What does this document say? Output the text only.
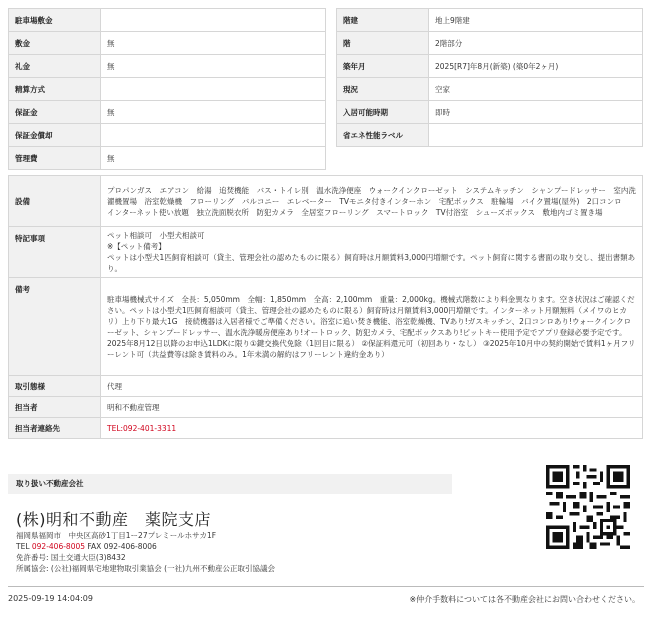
駐車場敷金	
敷金	無
礼金	無
精算方式	
保証金	無
保証金償却	
管理費	無
階建	地上9階建
階	2階部分
築年月	2025[R7]年8月(新築) (築0年2ヶ月)
現況	空家
入居可能時期	即時
省エネ性能ラベル	
設備	プロパンガス　エアコン　給湯　追焚機能　バス・トイレ別　温水洗浄便座　ウォークインクローゼット　システムキッチン　シャンプードレッサー　室内洗濯機置場　浴室乾燥機　フローリング　バルコニー　エレベーター　TVモニタ付きインターホン　宅配ボックス　駐輪場　バイク置場(屋外)　2口コンロ　インターネット使い放題　独立洗面脱衣所　防犯カメラ　全居室フローリング　スマートロック　TV付浴室　シューズボックス　敷地内ゴミ置き場
特記事項	ペット相談可　小型犬相談可
※【ペット備考】
ペットは小型犬1匹飼育相談可（貸主、管理会社の認めたものに限る）飼育時は月額賃料3,000円増額です。ペット飼育に関する書面の取り交し、提出書類あり。
備考	駐車場機械式サイズ　全長：5,050mm　全幅：1,850mm　全高：2,100mm　重量：2,000kg。機械式階数により料金異なります。空き状況はご確認ください。ペットは小型犬1匹飼育相談可（貸主、管理会社の認めたものに限る）飼育時は月額賃料3,000円増額です。インターネット月額無料（メイワのヒカリ）上り下り最大1G　接続機器は入居者様でご準備ください。浴室に追い焚き機能、浴室乾燥機、TVあり!ガスキッチン、2口コンロあり!ウォークインクローゼット、シャンプードレッサー、温水洗浄暖房便座あり!オートロック、防犯カメラ、宅配ボックスあり!ピットキー使用予定でアプリ登録必要予定です。 2025年8月12日以降のお申込1LDKに限り①鍵交換代免除（1回目に限る） ②保証料還元可（初回あり・なし） ③2025年10月中の契約開始で賃料1ヶ月フリーレント可（共益費等は除き賃料のみ。1年未満の解約はフリーレント違約金あり）
取引態様	代理
担当者	明和不動産管理
担当者連絡先	TEL:092-401-3311
取り扱い不動産会社
(株)明和不動産　薬院支店
福岡県福岡市　中央区高砂1丁目1ー27プレミールホサカ1F
TEL 092-406-8005 FAX 092-406-8006
免許番号: 国土交通大臣(3)8432
所属協会: (公社)福岡県宅地建物取引業協会 (一社)九州不動産公正取引協議会
2025-09-19 14:04:09	※仲介手数料については各不動産会社にお問い合わせください。
